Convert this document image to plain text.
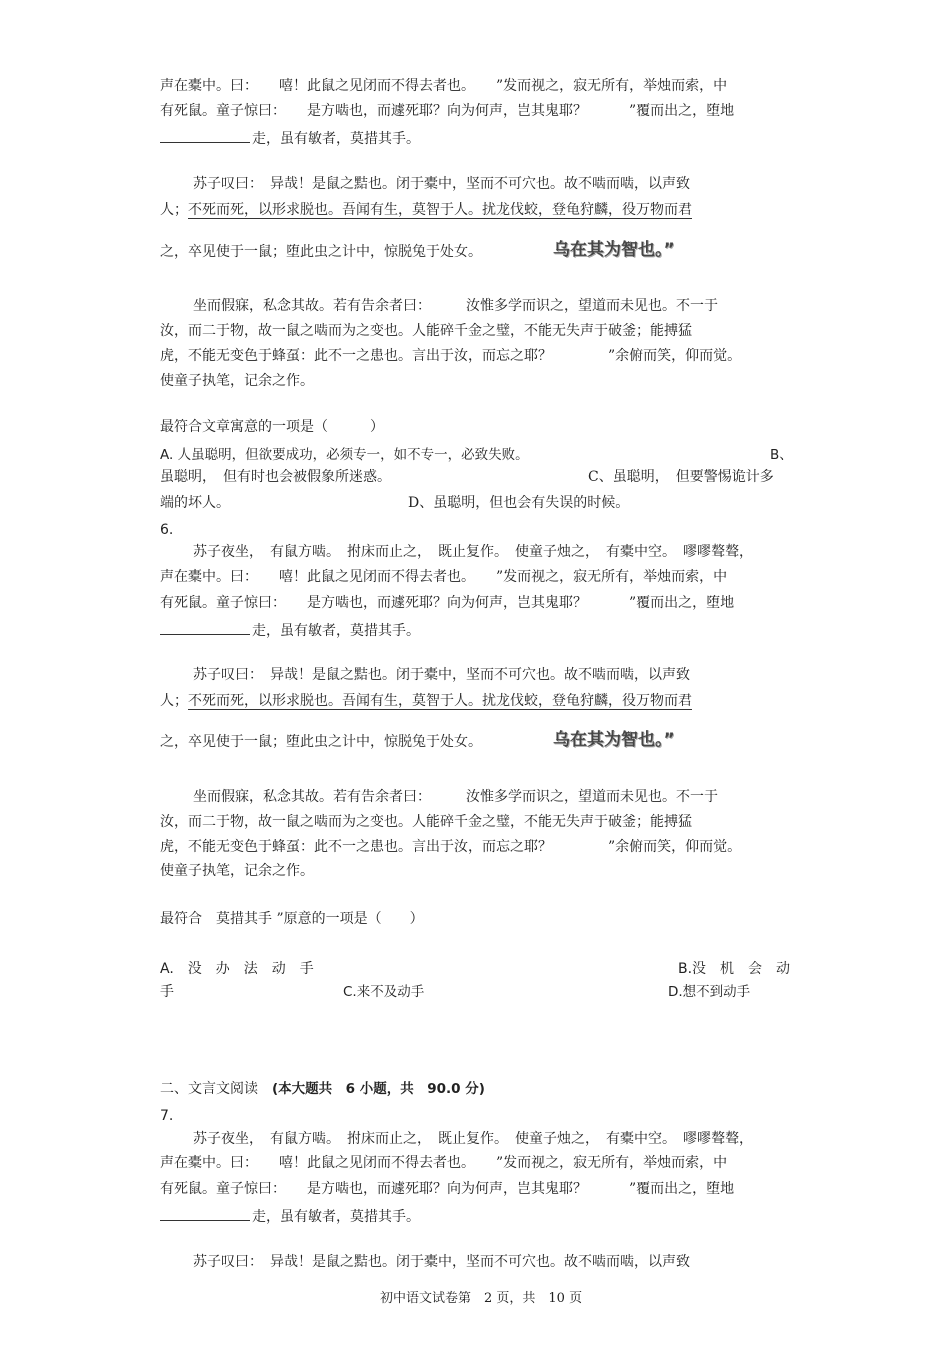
声在橐中。曰：　　嘻！此鼠之见闭而不得去者也。　　”发而视之，寂无所有，举烛而索，中
有死鼠。童子惊曰：　　是方啮也，而遽死耶？向为何声，岂其鬼耶？　　　”覆而出之，堕地
走，虽有敏者，莫措其手。
苏子叹曰：　异哉！是鼠之黠也。闭于橐中，坚而不可穴也。故不啮而啮，以声致
人；不死而死，以形求脱也。吾闻有生，莫智于人。扰龙伐蛟，登龟狩麟，役万物而君
之，卒见使于一鼠；堕此虫之计中，惊脱兔于处女。	乌在其为智也。”
坐而假寐，私念其故。若有告余者曰：　　　汝惟多学而识之，望道而未见也。不一于
汝，而二于物，故一鼠之啮而为之变也。人能碎千金之璧，不能无失声于破釜；能搏猛
虎，不能无变色于蜂虿：此不一之患也。言出于汝，而忘之耶？　　　　”余俯而笑，仰而觉。
使童子执笔，记余之作。
最符合文章寓意的一项是（　　　）
A. 人虽聪明，但欲要成功，必须专一，如不专一，必致失败。	B、
虽聪明，　但有时也会被假象所迷惑。	C、虽聪明，　但要警惕诡计多
端的坏人。	D、虽聪明，但也会有失误的时候。
6.
苏子夜坐，　有鼠方啮。　拊床而止之，　既止复作。　使童子烛之，　有橐中空。　嘐嘐聱聱，
声在橐中。曰：　　嘻！此鼠之见闭而不得去者也。　　”发而视之，寂无所有，举烛而索，中
有死鼠。童子惊曰：　　是方啮也，而遽死耶？向为何声，岂其鬼耶？　　　”覆而出之，堕地
走，虽有敏者，莫措其手。
苏子叹曰：　异哉！是鼠之黠也。闭于橐中，坚而不可穴也。故不啮而啮，以声致
人；不死而死，以形求脱也。吾闻有生，莫智于人。扰龙伐蛟，登龟狩麟，役万物而君
之，卒见使于一鼠；堕此虫之计中，惊脱兔于处女。	乌在其为智也。”
坐而假寐，私念其故。若有告余者曰：　　　汝惟多学而识之，望道而未见也。不一于
汝，而二于物，故一鼠之啮而为之变也。人能碎千金之璧，不能无失声于破釜；能搏猛
虎，不能无变色于蜂虿：此不一之患也。言出于汝，而忘之耶？　　　　”余俯而笑，仰而觉。
使童子执笔，记余之作。
最符合　莫措其手 ”原意的一项是（　　）
A.　没　办　法　动　手	B.没　机　会　动
手	C.来不及动手	D.想不到动手
二、文言文阅读　(本大题共　6 小题，共　90.0 分)
7.
苏子夜坐，　有鼠方啮。　拊床而止之，　既止复作。　使童子烛之，　有橐中空。　嘐嘐聱聱，
声在橐中。曰：　　嘻！此鼠之见闭而不得去者也。　　”发而视之，寂无所有，举烛而索，中
有死鼠。童子惊曰：　　是方啮也，而遽死耶？向为何声，岂其鬼耶？　　　”覆而出之，堕地
走，虽有敏者，莫措其手。
苏子叹曰：　异哉！是鼠之黠也。闭于橐中，坚而不可穴也。故不啮而啮，以声致
初中语文试卷第　2 页，共　10 页
